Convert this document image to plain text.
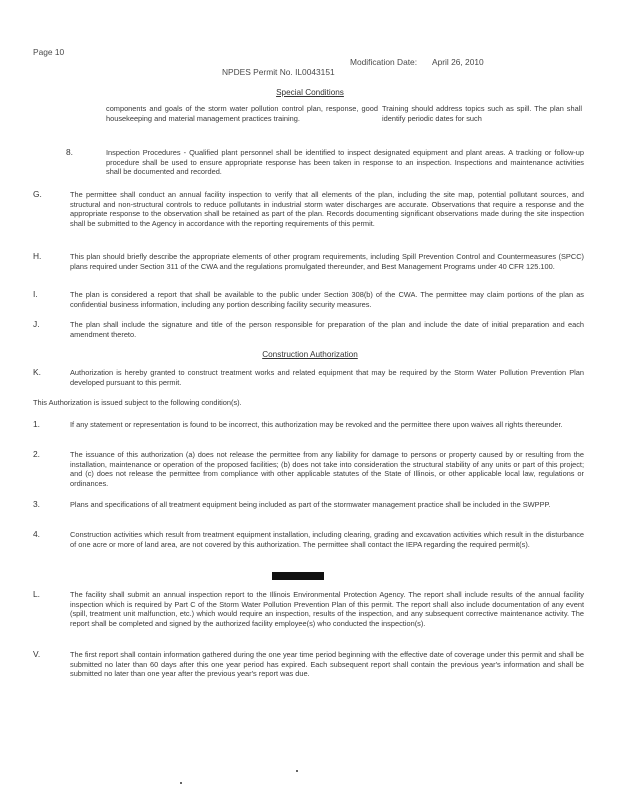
Page 10
Modification Date: April 26, 2010
NPDES Permit No. IL0043151
Special Conditions
components and goals of the storm water pollution control plan, response, good housekeeping and material management practices training.
Training should address topics such as spill. The plan shall identify periodic dates for such
8.	Inspection Procedures - Qualified plant personnel shall be identified to inspect designated equipment and plant areas. A tracking or follow-up procedure shall be used to ensure appropriate response has been taken in response to an inspection. Inspections and maintenance activities shall be documented and recorded.
G.	The permittee shall conduct an annual facility inspection to verify that all elements of the plan, including the site map, potential pollutant sources, and structural and non-structural controls to reduce pollutants in industrial storm water discharges are accurate. Observations that require a response and the appropriate response to the observation shall be retained as part of the plan. Records documenting significant observations made during the site inspection shall be submitted to the Agency in accordance with the reporting requirements of this permit.
H.	This plan should briefly describe the appropriate elements of other program requirements, including Spill Prevention Control and Countermeasures (SPCC) plans required under Section 311 of the CWA and the regulations promulgated thereunder, and Best Management Programs under 40 CFR 125.100.
I.	The plan is considered a report that shall be available to the public under Section 308(b) of the CWA. The permittee may claim portions of the plan as confidential business information, including any portion describing facility security measures.
J.	The plan shall include the signature and title of the person responsible for preparation of the plan and include the date of initial preparation and each amendment thereto.
Construction Authorization
K.	Authorization is hereby granted to construct treatment works and related equipment that may be required by the Storm Water Pollution Prevention Plan developed pursuant to this permit.
This Authorization is issued subject to the following condition(s).
1.	If any statement or representation is found to be incorrect, this authorization may be revoked and the permittee there upon waives all rights thereunder.
2.	The issuance of this authorization (a) does not release the permittee from any liability for damage to persons or property caused by or resulting from the installation, maintenance or operation of the proposed facilities; (b) does not take into consideration the structural stability of any units or part of this project; and (c) does not release the permittee from compliance with other applicable statutes of the State of Illinois, or other applicable local law, regulations or ordinances.
3.	Plans and specifications of all treatment equipment being included as part of the stormwater management practice shall be included in the SWPPP.
4.	Construction activities which result from treatment equipment installation, including clearing, grading and excavation activities which result in the disturbance of one acre or more of land area, are not covered by this authorization. The permittee shall contact the IEPA regarding the required permit(s).
L.	The facility shall submit an annual inspection report to the Illinois Environmental Protection Agency. The report shall include results of the annual facility inspection which is required by Part C of the Storm Water Pollution Prevention Plan of this permit. The report shall also include documentation of any event (spill, treatment unit malfunction, etc.) which would require an inspection, results of the inspection, and any subsequent corrective maintenance activity. The report shall be completed and signed by the authorized facility employee(s) who conducted the inspection(s).
V.	The first report shall contain information gathered during the one year time period beginning with the effective date of coverage under this permit and shall be submitted no later than 60 days after this one year period has expired. Each subsequent report shall contain the previous year's information and shall be submitted no later than one year after the previous year's report was due.
